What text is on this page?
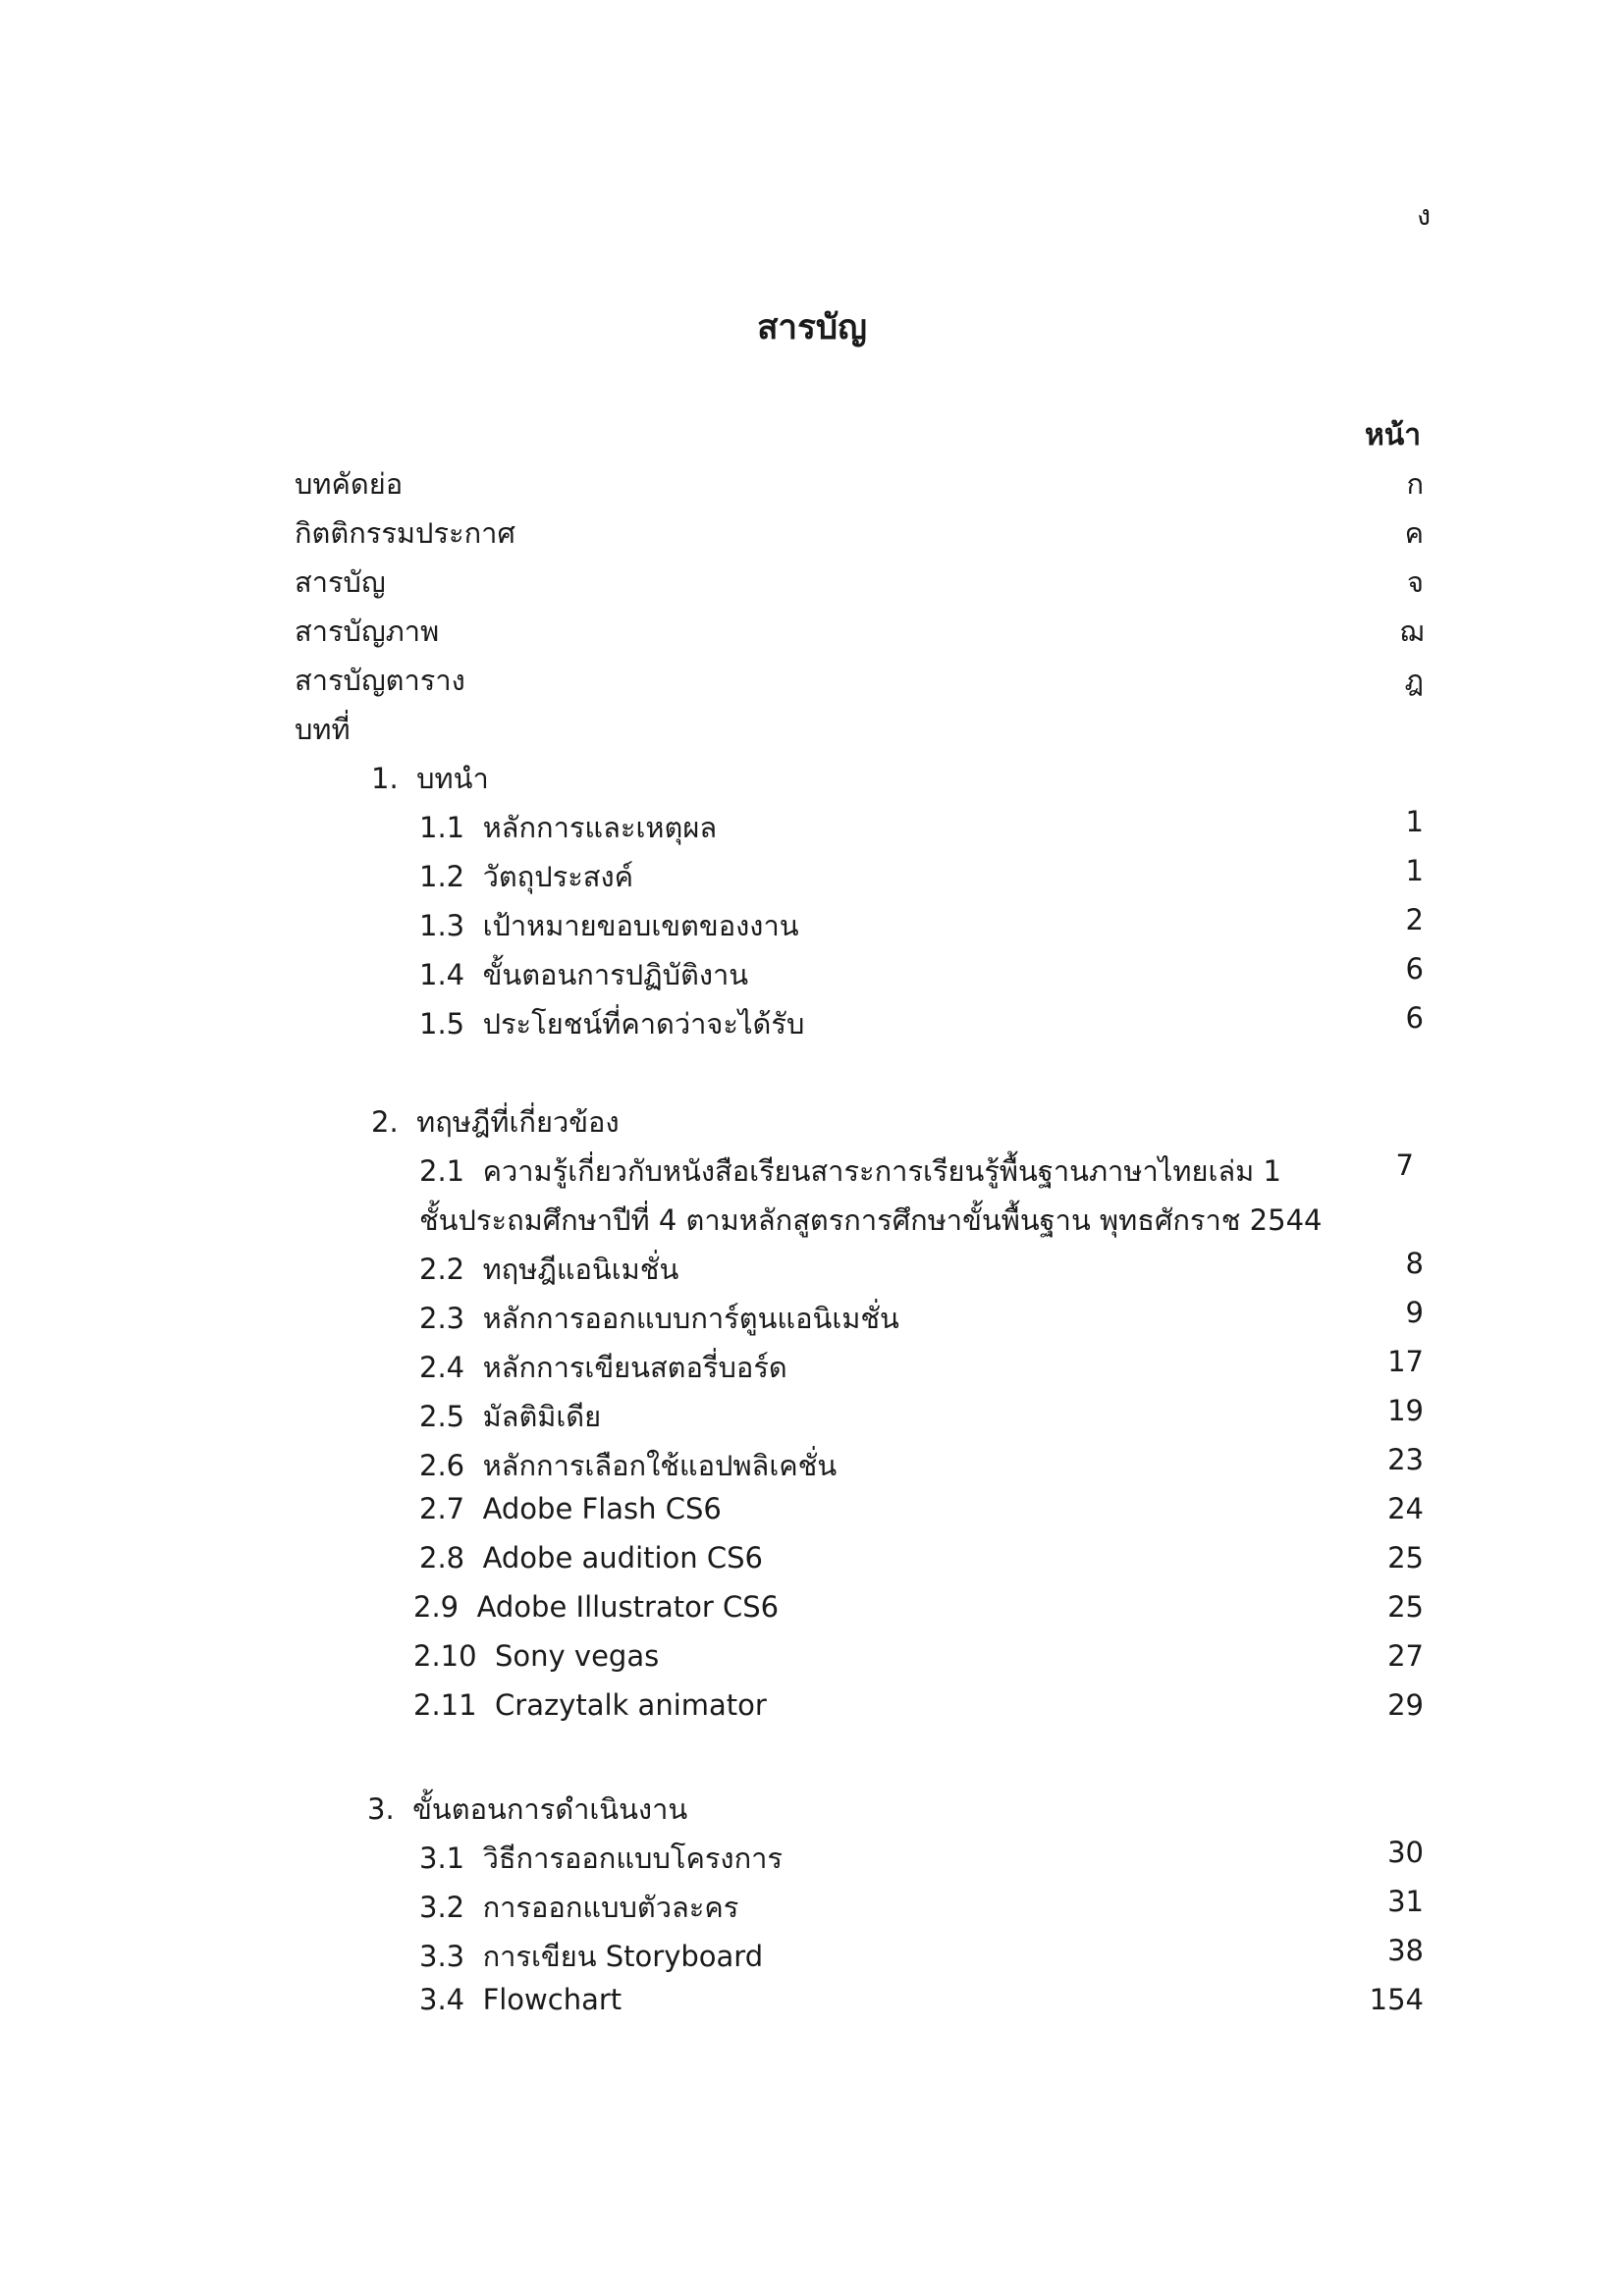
ง
สารบัญ
หน้า
บทคัดย่อ	ก
กิตติกรรมประกาศ	ค
สารบัญ	จ
สารบัญภาพ	ฌ
สารบัญตาราง	ฎ
บทที่
1. บทนำ
1.1 หลักการและเหตุผล	1
1.2 วัตถุประสงค์	1
1.3 เป้าหมายขอบเขตของงาน	2
1.4 ขั้นตอนการปฏิบัติงาน	6
1.5 ประโยชน์ที่คาดว่าจะได้รับ	6
2. ทฤษฎีที่เกี่ยวข้อง
2.1 ความรู้เกี่ยวกับหนังสือเรียนสาระการเรียนรู้พื้นฐานภาษาไทยเล่ม 1	7
ชั้นประถมศึกษาปีที่ 4 ตามหลักสูตรการศึกษาขั้นพื้นฐาน พุทธศักราช 2544
2.2 ทฤษฎีแอนิเมชั่น	8
2.3 หลักการออกแบบการ์ตูนแอนิเมชั่น	9
2.4 หลักการเขียนสตอรี่บอร์ด	17
2.5 มัลติมิเดีย	19
2.6 หลักการเลือกใช้แอปพลิเคชั่น	23
2.7 Adobe Flash CS6	24
2.8 Adobe audition CS6	25
2.9 Adobe Illustrator CS6	25
2.10 Sony vegas	27
2.11 Crazytalk animator	29
3. ขั้นตอนการดำเนินงาน
3.1 วิธีการออกแบบโครงการ	30
3.2 การออกแบบตัวละคร	31
3.3 การเขียน Storyboard	38
3.4 Flowchart	154
